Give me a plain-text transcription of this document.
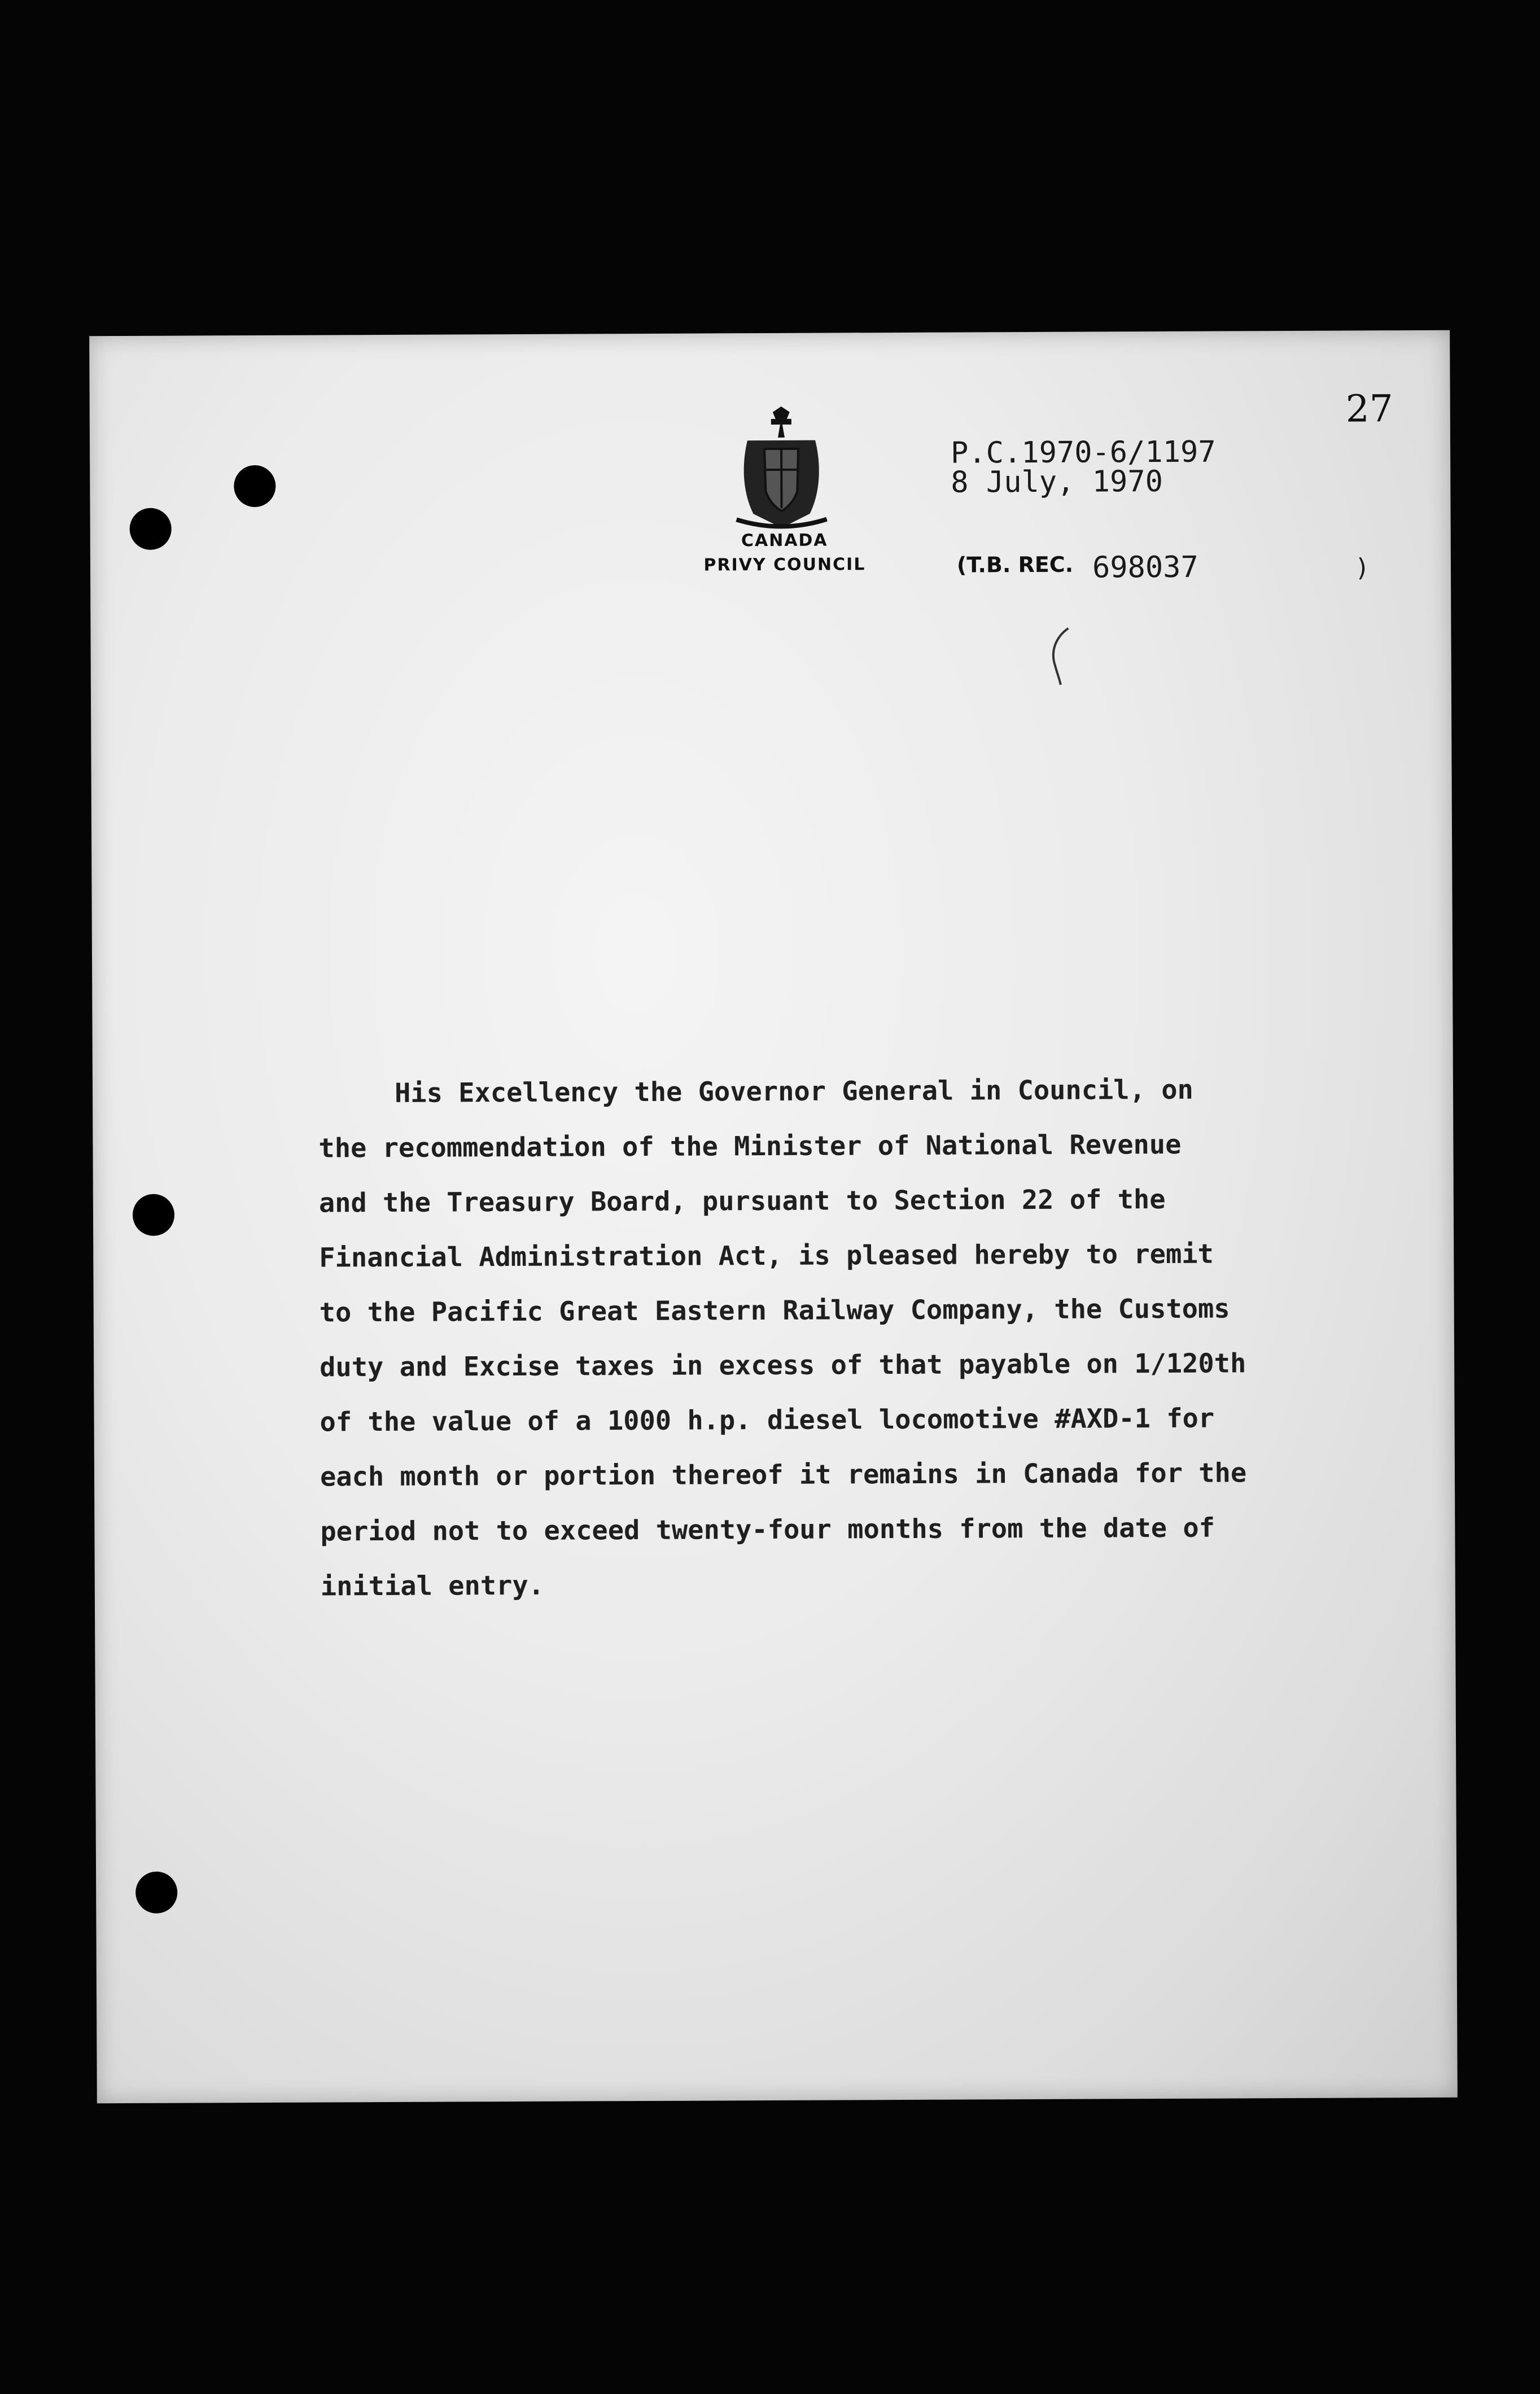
27
CANADA
PRIVY COUNCIL
P.C.1970-6/1197
8 July, 1970
(T.B. REC. 698037	)
His Excellency the Governor General in Council, on
the recommendation of the Minister of National Revenue
and the Treasury Board, pursuant to Section 22 of the
Financial Administration Act, is pleased hereby to remit
to the Pacific Great Eastern Railway Company, the Customs
duty and Excise taxes in excess of that payable on 1/120th
of the value of a 1000 h.p. diesel locomotive #AXD-1 for
each month or portion thereof it remains in Canada for the
period not to exceed twenty-four months from the date of
initial entry.
